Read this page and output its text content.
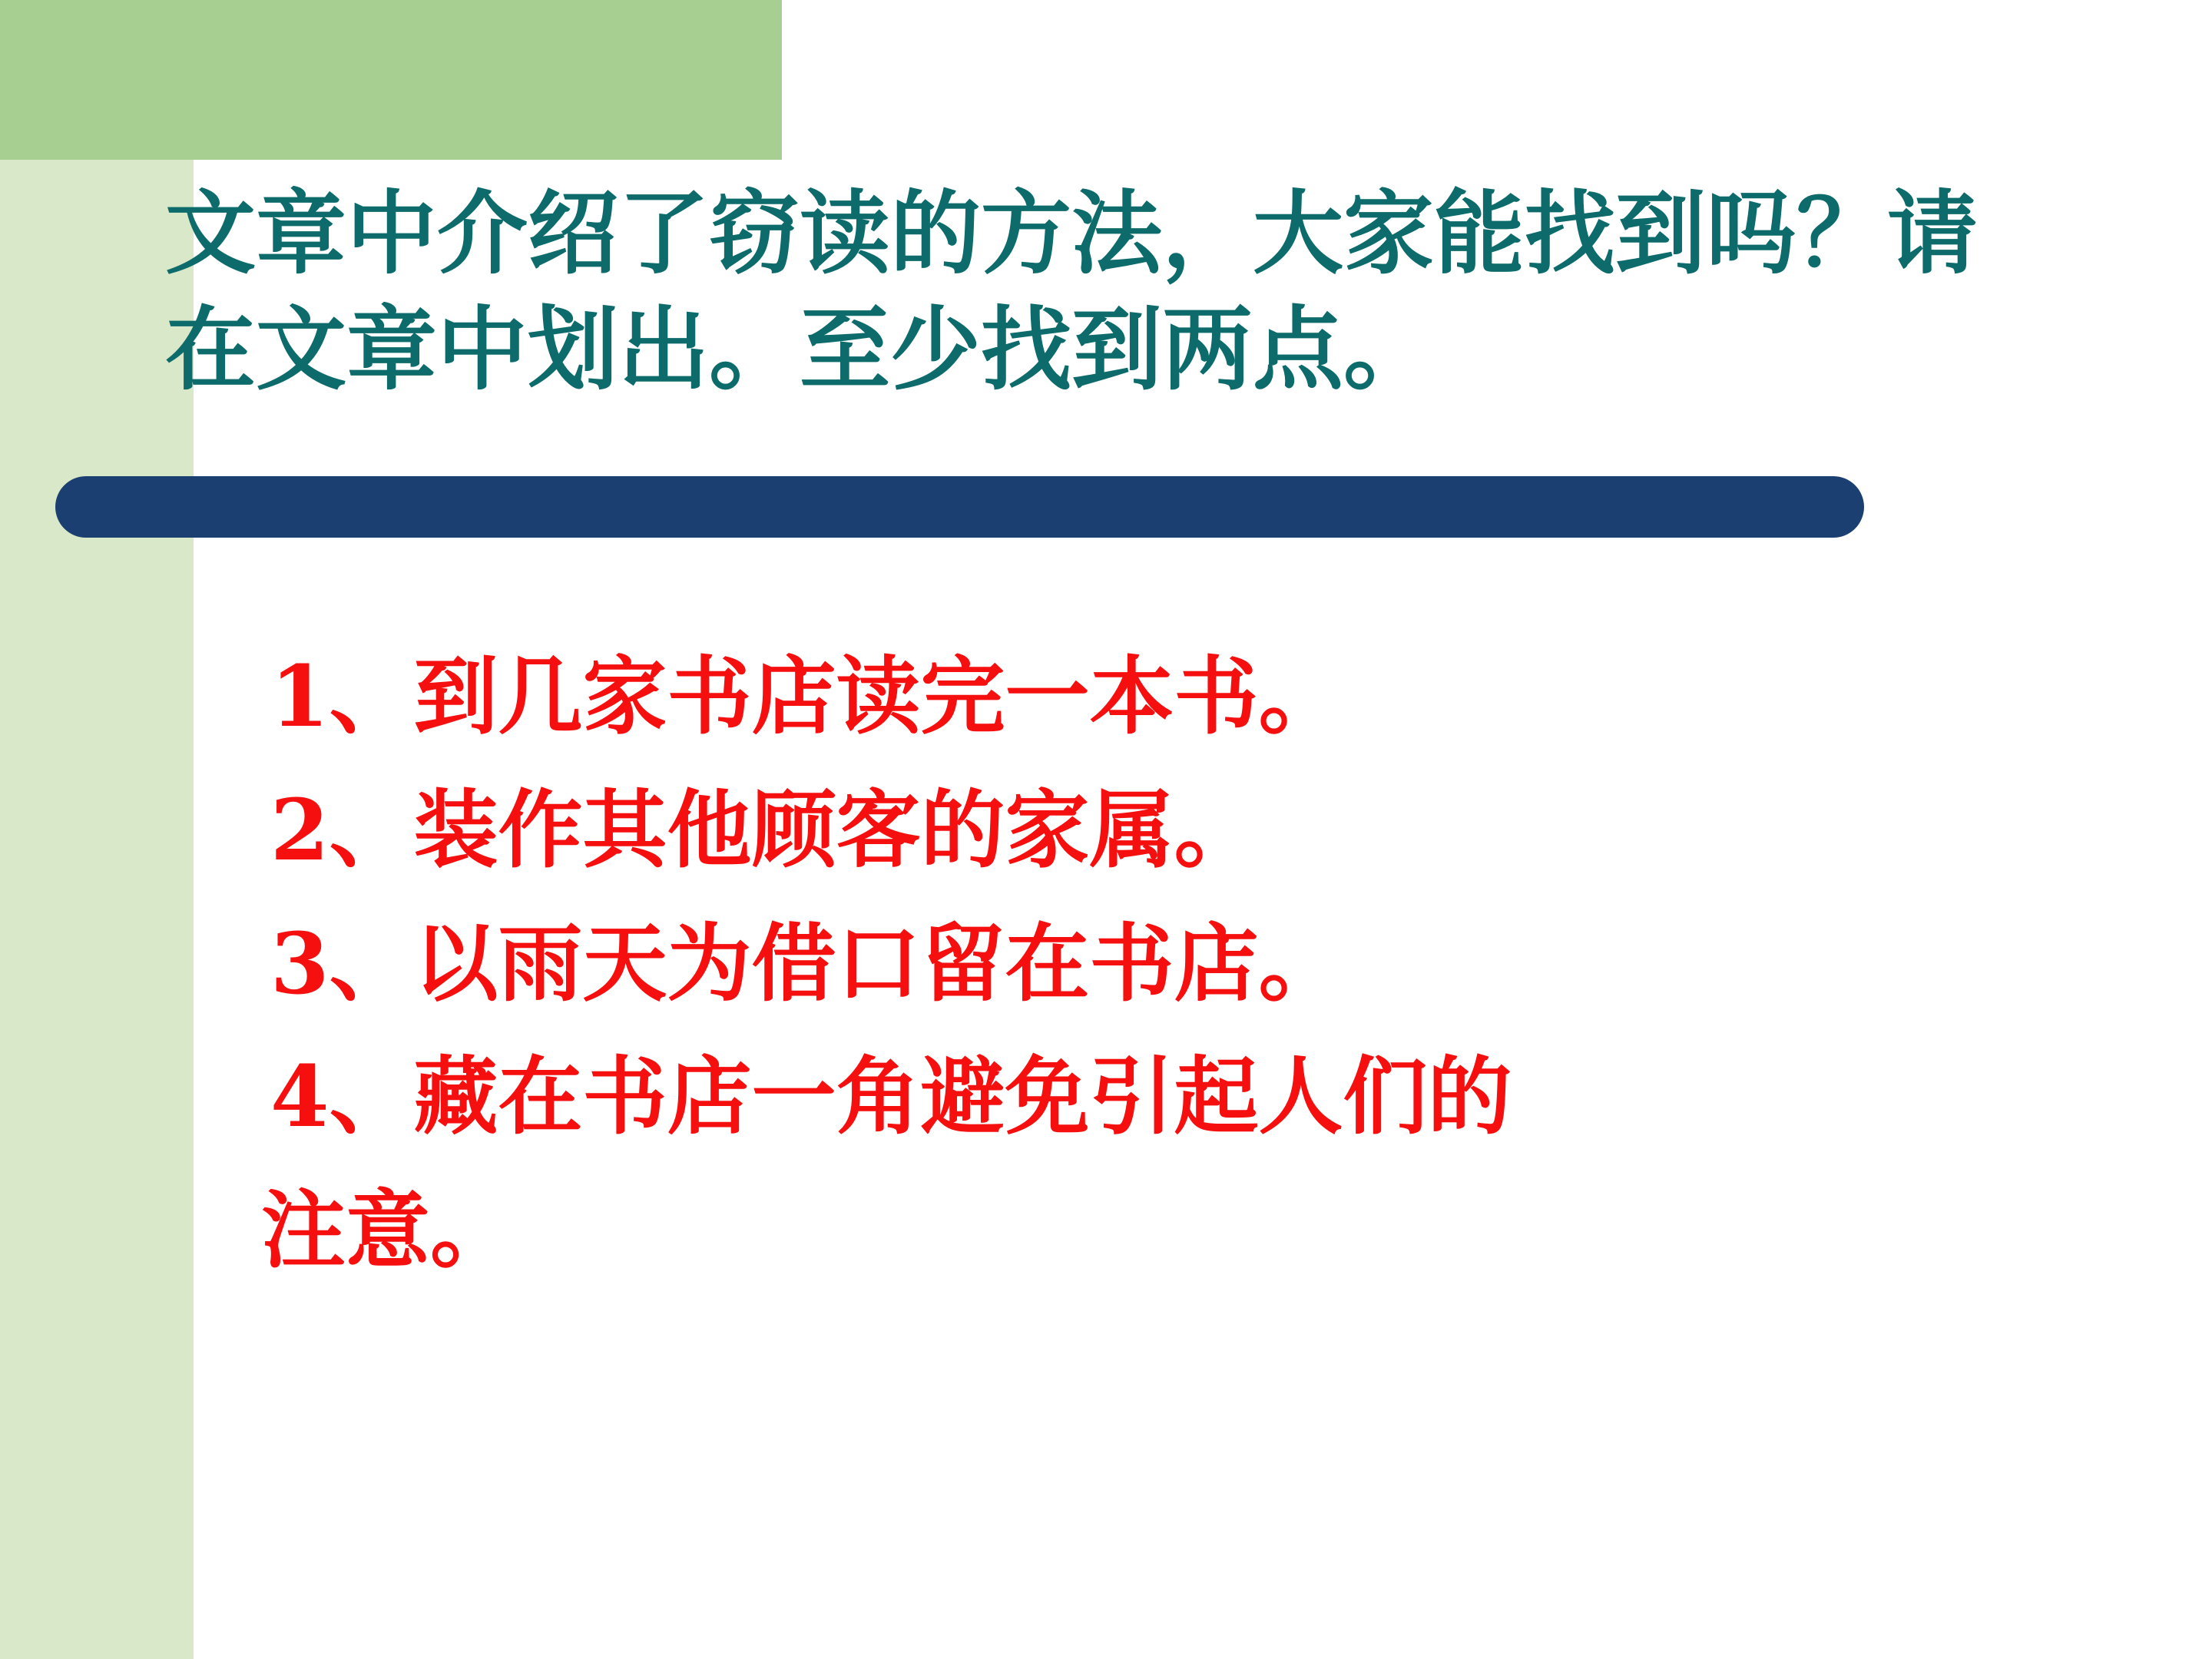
文章中介绍了窃读的方法，大家能找到吗？请在文章中划出。至少找到两点。
1、到几家书店读完一本书。
2、装作其他顾客的家属。
3、以雨天为借口留在书店。
4、藏在书店一角避免引起人们的
注意。
